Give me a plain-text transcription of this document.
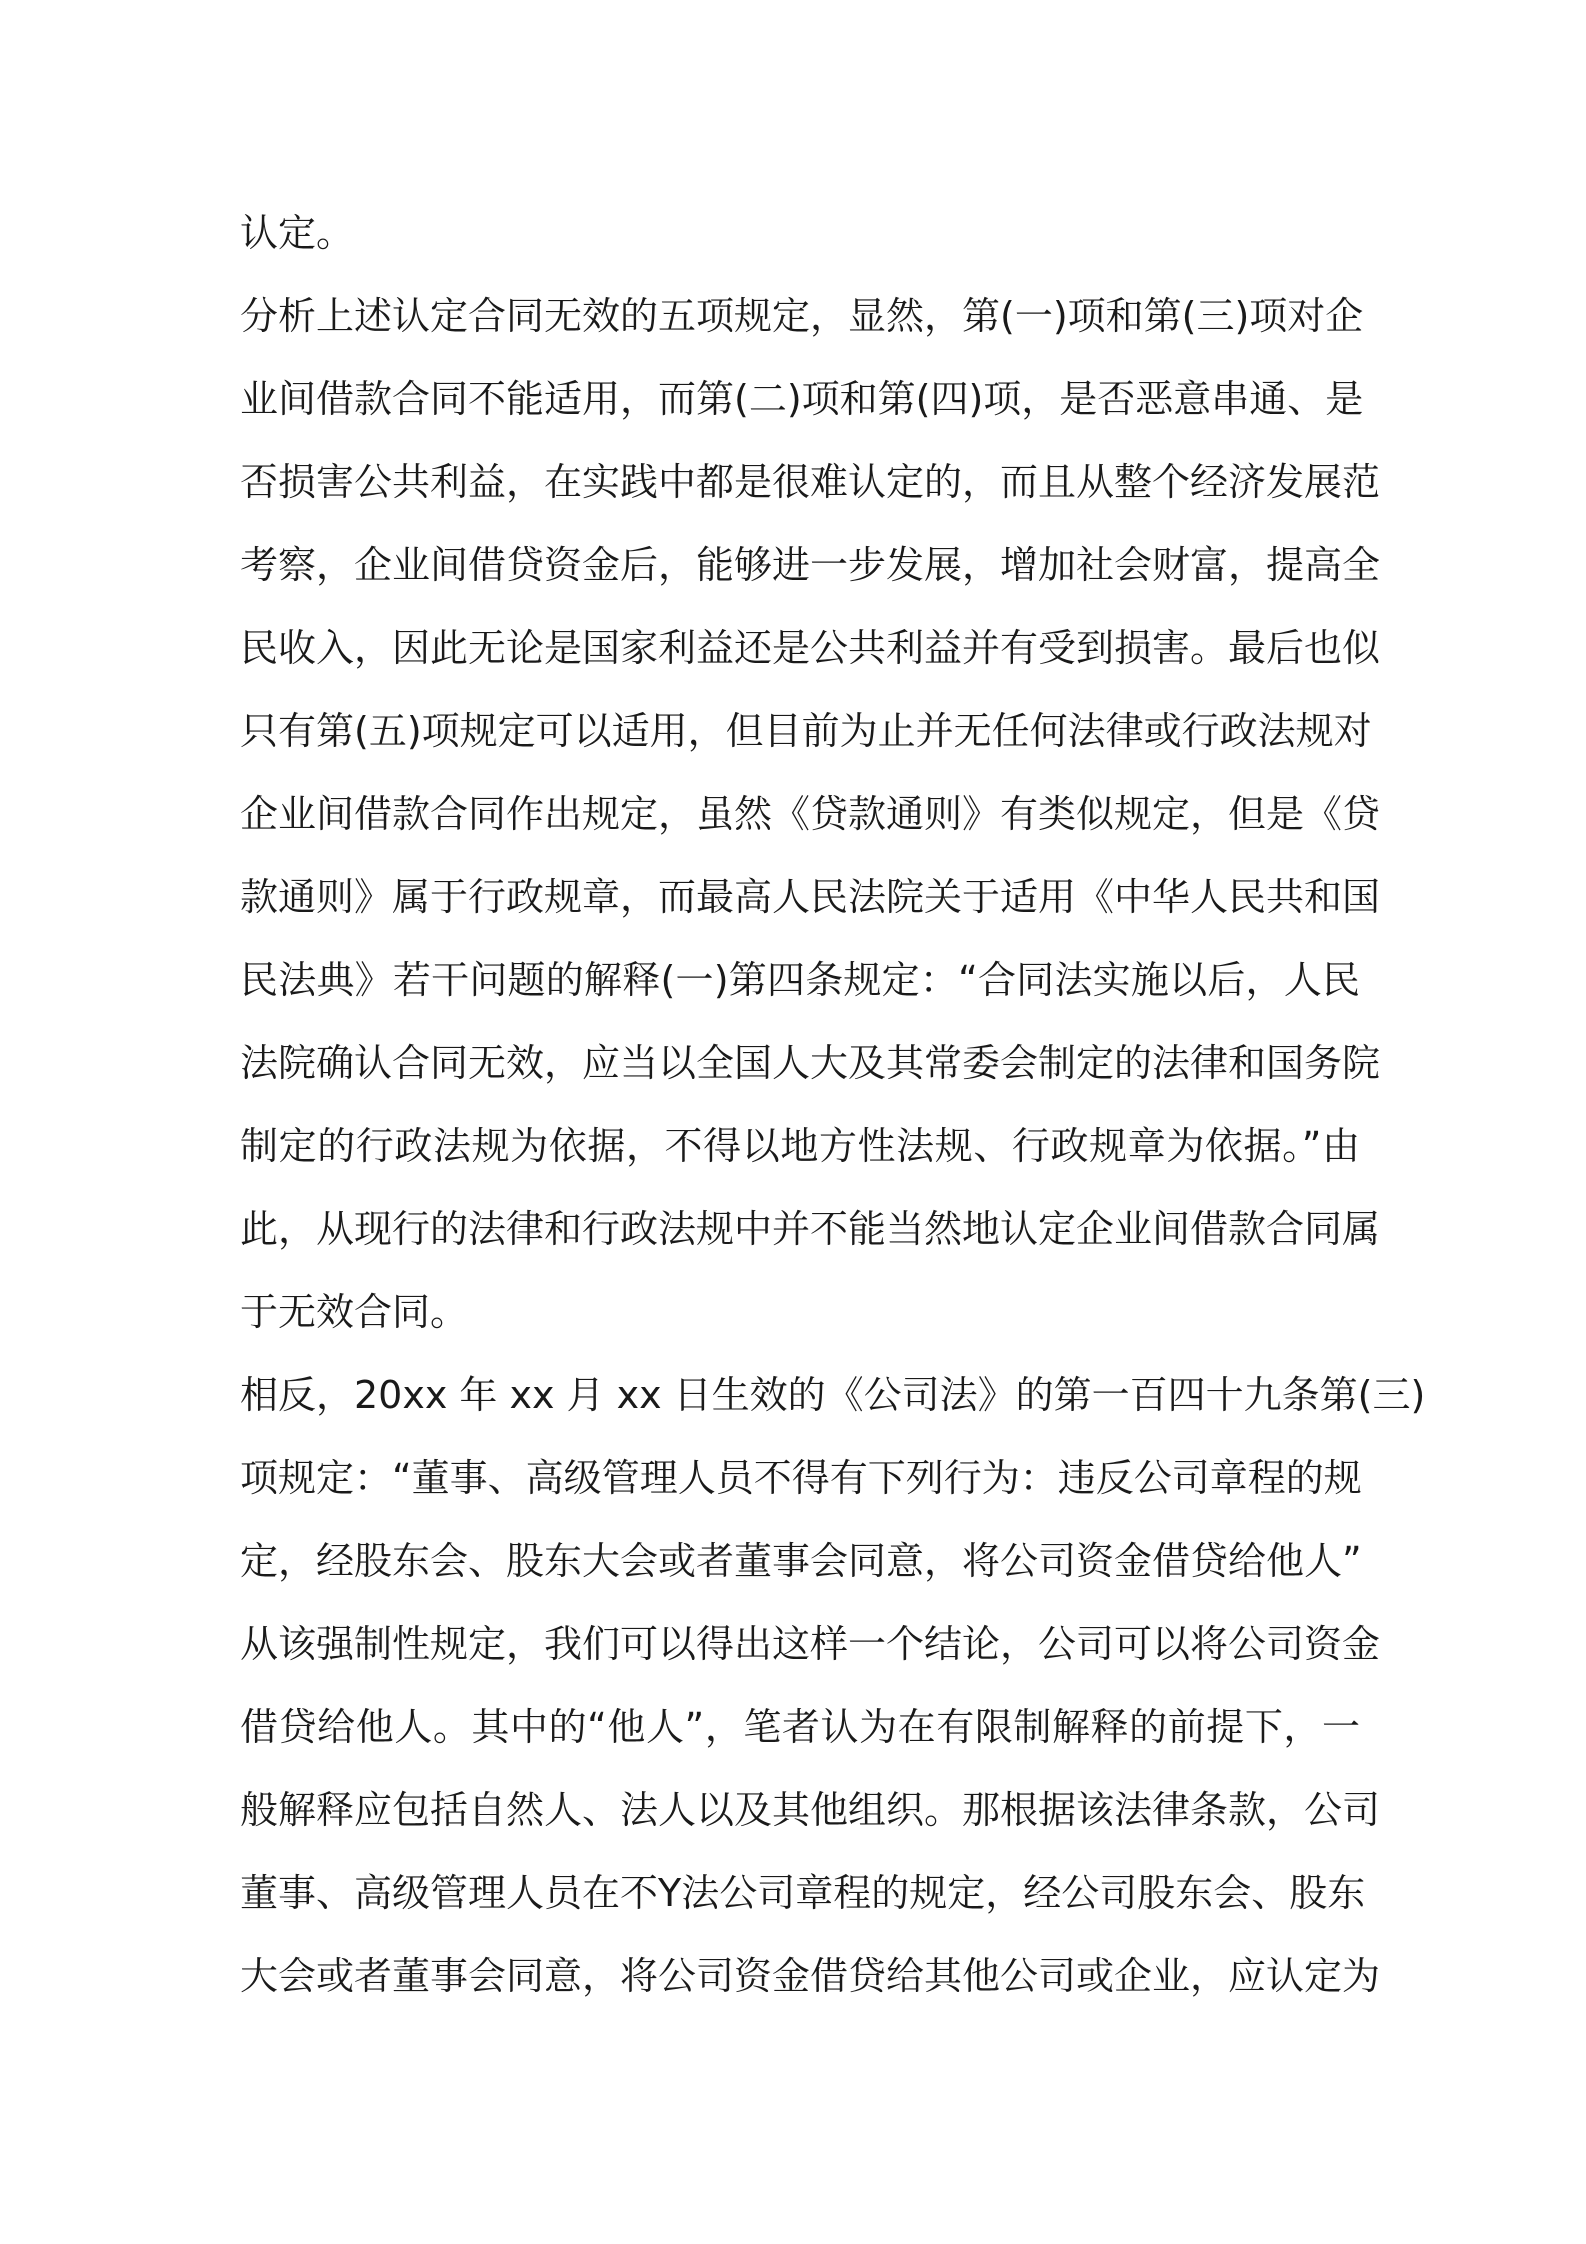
认定。
分析上述认定合同无效的五项规定，显然，第(一)项和第(三)项对企
业间借款合同不能适用，而第(二)项和第(四)项，是否恶意串通、是
否损害公共利益，在实践中都是很难认定的，而且从整个经济发展范
考察，企业间借贷资金后，能够进一步发展，增加社会财富，提高全
民收入，因此无论是国家利益还是公共利益并有受到损害。最后也似
只有第(五)项规定可以适用，但目前为止并无任何法律或行政法规对
企业间借款合同作出规定，虽然《贷款通则》有类似规定，但是《贷
款通则》属于行政规章，而最高人民法院关于适用《中华人民共和国
民法典》若干问题的解释(一)第四条规定：“合同法实施以后，人民
法院确认合同无效，应当以全国人大及其常委会制定的法律和国务院
制定的行政法规为依据，不得以地方性法规、行政规章为依据。”由
此，从现行的法律和行政法规中并不能当然地认定企业间借款合同属
于无效合同。
相反，20xx 年 xx 月 xx 日生效的《公司法》的第一百四十九条第(三)
项规定：“董事、高级管理人员不得有下列行为：违反公司章程的规
定，经股东会、股东大会或者董事会同意，将公司资金借贷给他人”
从该强制性规定，我们可以得出这样一个结论，公司可以将公司资金
借贷给他人。其中的“他人”，笔者认为在有限制解释的前提下，一
般解释应包括自然人、法人以及其他组织。那根据该法律条款，公司
董事、高级管理人员在不Y法公司章程的规定，经公司股东会、股东
大会或者董事会同意，将公司资金借贷给其他公司或企业，应认定为
